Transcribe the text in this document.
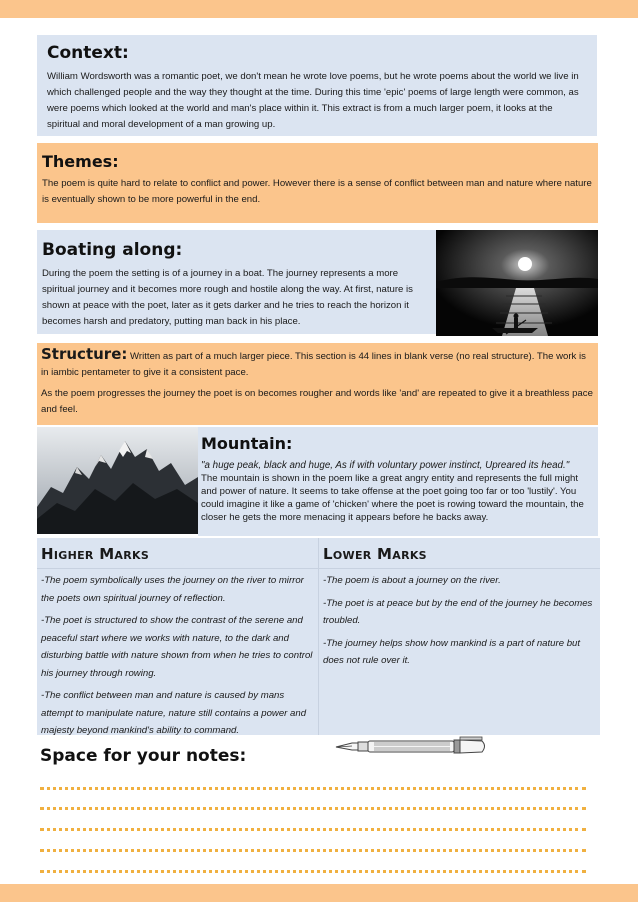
Context:

William Wordsworth was a romantic poet, we don't mean he wrote love poems, but he wrote poems about the world we live in which challenged people and the way they thought at the time. During this time 'epic' poems of large length were common, as were poems which looked at the world and man's place within it. This extract is from a much larger poem, it looks at the spiritual and moral development of a man growing up.

Themes:

The poem is quite hard to relate to conflict and power. However there is a sense of conflict between man and nature where nature is eventually shown to be more powerful in the end.

Boating along:

During the poem the setting is of a journey in a boat. The journey represents a more spiritual journey and it becomes more rough and hostile along the way. At first, nature is shown at peace with the poet, later as it gets darker and he tries to reach the horizon it becomes harsh and predatory, putting man back in his place.

Structure: Written as part of a much larger piece. This section is 44 lines in blank verse (no real structure). The work is in iambic pentameter to give it a consistent pace.

As the poem progresses the journey the poet is on becomes rougher and words like 'and' are repeated to give it a breathless pace and feel.

Mountain:

"a huge peak, black and huge, As if with voluntary power instinct, Upreared its head."

The mountain is shown in the poem like a great angry entity and represents the full might and power of nature. It seems to take offense at the poet going too far or too 'lustily'. You could imagine it like a game of 'chicken' where the poet is rowing toward the mountain, the closer he gets the more menacing it appears before he backs away.

Higher Marks

-The poem symbolically uses the journey on the river to mirror the poets own spiritual journey of reflection.

-The poet is structured to show the contrast of the serene and peaceful start where we works with nature, to the dark and disturbing battle with nature shown from when he tries to control his journey through rowing.

-The conflict between man and nature is caused by mans attempt to manipulate nature, nature still contains a power and majesty beyond mankind's ability to command.

Lower Marks

-The poem is about a journey on the river.

-The poet is at peace but by the end of the journey he becomes troubled.

-The journey helps show how mankind is a part of nature but does not rule over it.

Space for your notes:
